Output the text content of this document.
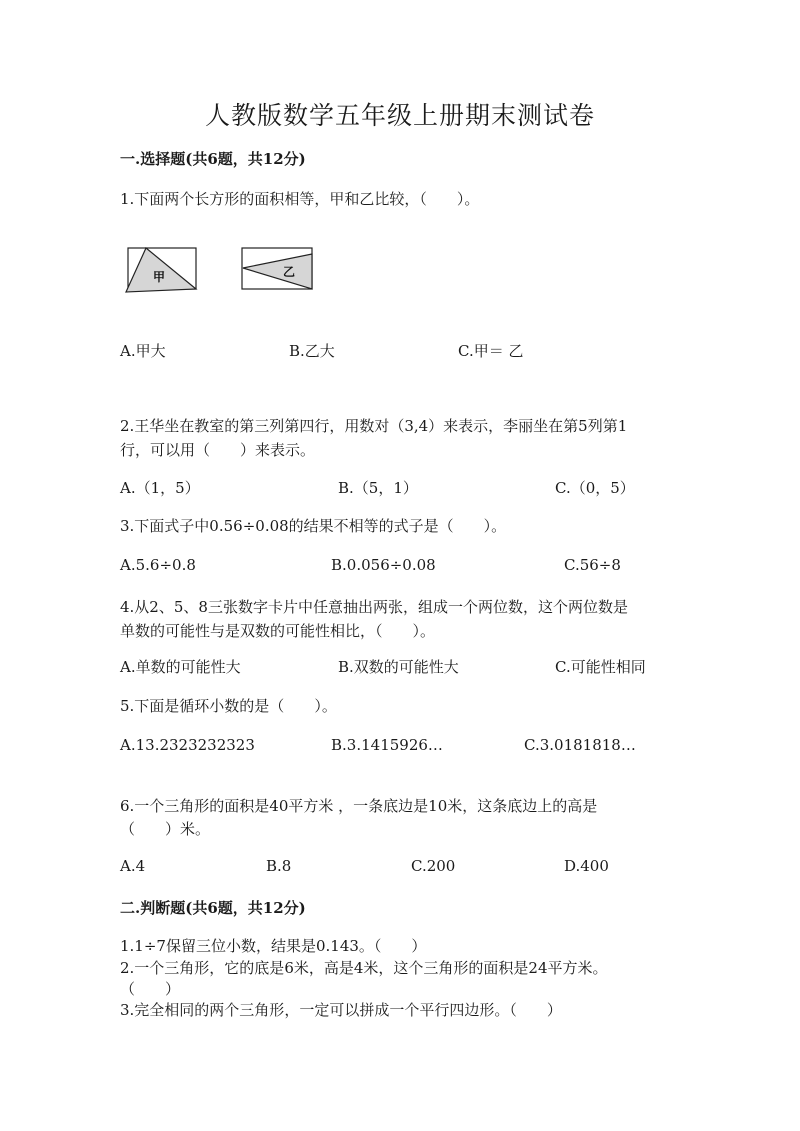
人教版数学五年级上册期末测试卷
一.选择题(共6题，共12分)
1.下面两个长方形的面积相等，甲和乙比较，（　　）。
甲	乙
A.甲大	B.乙大	C.甲＝ 乙
2.王华坐在教室的第三列第四行，用数对（3,4）来表示，李丽坐在第5列第1
行，可以用（　　）来表示。
A.（1，5）	B.（5，1）	C.（0，5）
3.下面式子中0.56÷0.08的结果不相等的式子是（　　）。
A.5.6÷0.8	B.0.056÷0.08	C.56÷8
4.从2、5、8三张数字卡片中任意抽出两张，组成一个两位数，这个两位数是
单数的可能性与是双数的可能性相比，（　　）。
A.单数的可能性大	B.双数的可能性大	C.可能性相同
5.下面是循环小数的是（　　）。
A.13.2323232323	B.3.1415926…	C.3.0181818…
6.一个三角形的面积是40平方米 ，一条底边是10米，这条底边上的高是
（　　）米。
A.4	B.8	C.200	D.400
二.判断题(共6题，共12分)
1.1÷7保留三位小数，结果是0.143。（　　）
2.一个三角形，它的底是6米，高是4米，这个三角形的面积是24平方米。
（　　）
3.完全相同的两个三角形，一定可以拼成一个平行四边形。（　　）
